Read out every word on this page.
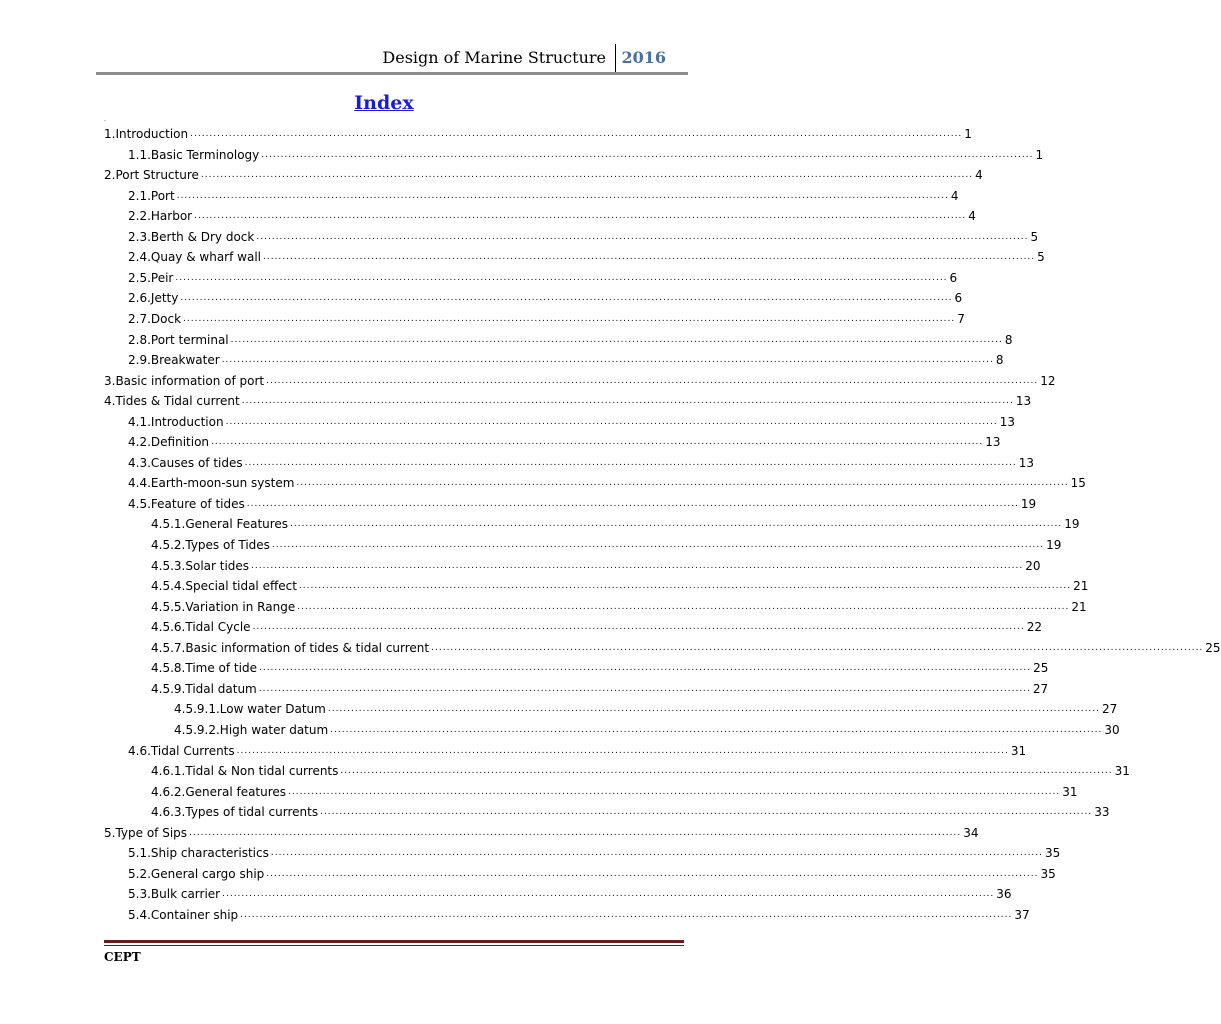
Design of Marine Structure 2016
Index
.
1. Introduction ........................................................................................................................................................................................................ 1
1.1. Basic Terminology ........................................................................................................................................................................................................ 1
2. Port Structure ........................................................................................................................................................................................................ 4
2.1. Port ........................................................................................................................................................................................................ 4
2.2. Harbor ........................................................................................................................................................................................................ 4
2.3. Berth & Dry dock ........................................................................................................................................................................................................ 5
2.4. Quay & wharf wall ........................................................................................................................................................................................................ 5
2.5. Peir ........................................................................................................................................................................................................ 6
2.6. Jetty ........................................................................................................................................................................................................ 6
2.7. Dock ........................................................................................................................................................................................................ 7
2.8. Port terminal ........................................................................................................................................................................................................ 8
2.9. Breakwater ........................................................................................................................................................................................................ 8
3. Basic information of port ........................................................................................................................................................................................................ 12
4. Tides & Tidal current ........................................................................................................................................................................................................ 13
4.1. Introduction ........................................................................................................................................................................................................ 13
4.2. Definition ........................................................................................................................................................................................................ 13
4.3. Causes of tides ........................................................................................................................................................................................................ 13
4.4. Earth-moon-sun system ........................................................................................................................................................................................................ 15
4.5. Feature of tides ........................................................................................................................................................................................................ 19
4.5.1. General Features ........................................................................................................................................................................................................ 19
4.5.2. Types of Tides ........................................................................................................................................................................................................ 19
4.5.3. Solar tides ........................................................................................................................................................................................................ 20
4.5.4. Special tidal effect ........................................................................................................................................................................................................ 21
4.5.5. Variation in Range ........................................................................................................................................................................................................ 21
4.5.6. Tidal Cycle ........................................................................................................................................................................................................ 22
4.5.7. Basic information of tides & tidal current ........................................................................................................................................................................................................ 25
4.5.8. Time of tide ........................................................................................................................................................................................................ 25
4.5.9. Tidal datum ........................................................................................................................................................................................................ 27
4.5.9.1. Low water Datum ........................................................................................................................................................................................................ 27
4.5.9.2. High water datum ........................................................................................................................................................................................................ 30
4.6. Tidal Currents ........................................................................................................................................................................................................ 31
4.6.1. Tidal & Non tidal currents ........................................................................................................................................................................................................ 31
4.6.2. General features ........................................................................................................................................................................................................ 31
4.6.3. Types of tidal currents ........................................................................................................................................................................................................ 33
5. Type of Sips ........................................................................................................................................................................................................ 34
5.1. Ship characteristics ........................................................................................................................................................................................................ 35
5.2. General cargo ship ........................................................................................................................................................................................................ 35
5.3. Bulk carrier ........................................................................................................................................................................................................ 36
5.4. Container ship ........................................................................................................................................................................................................ 37
CEPT
